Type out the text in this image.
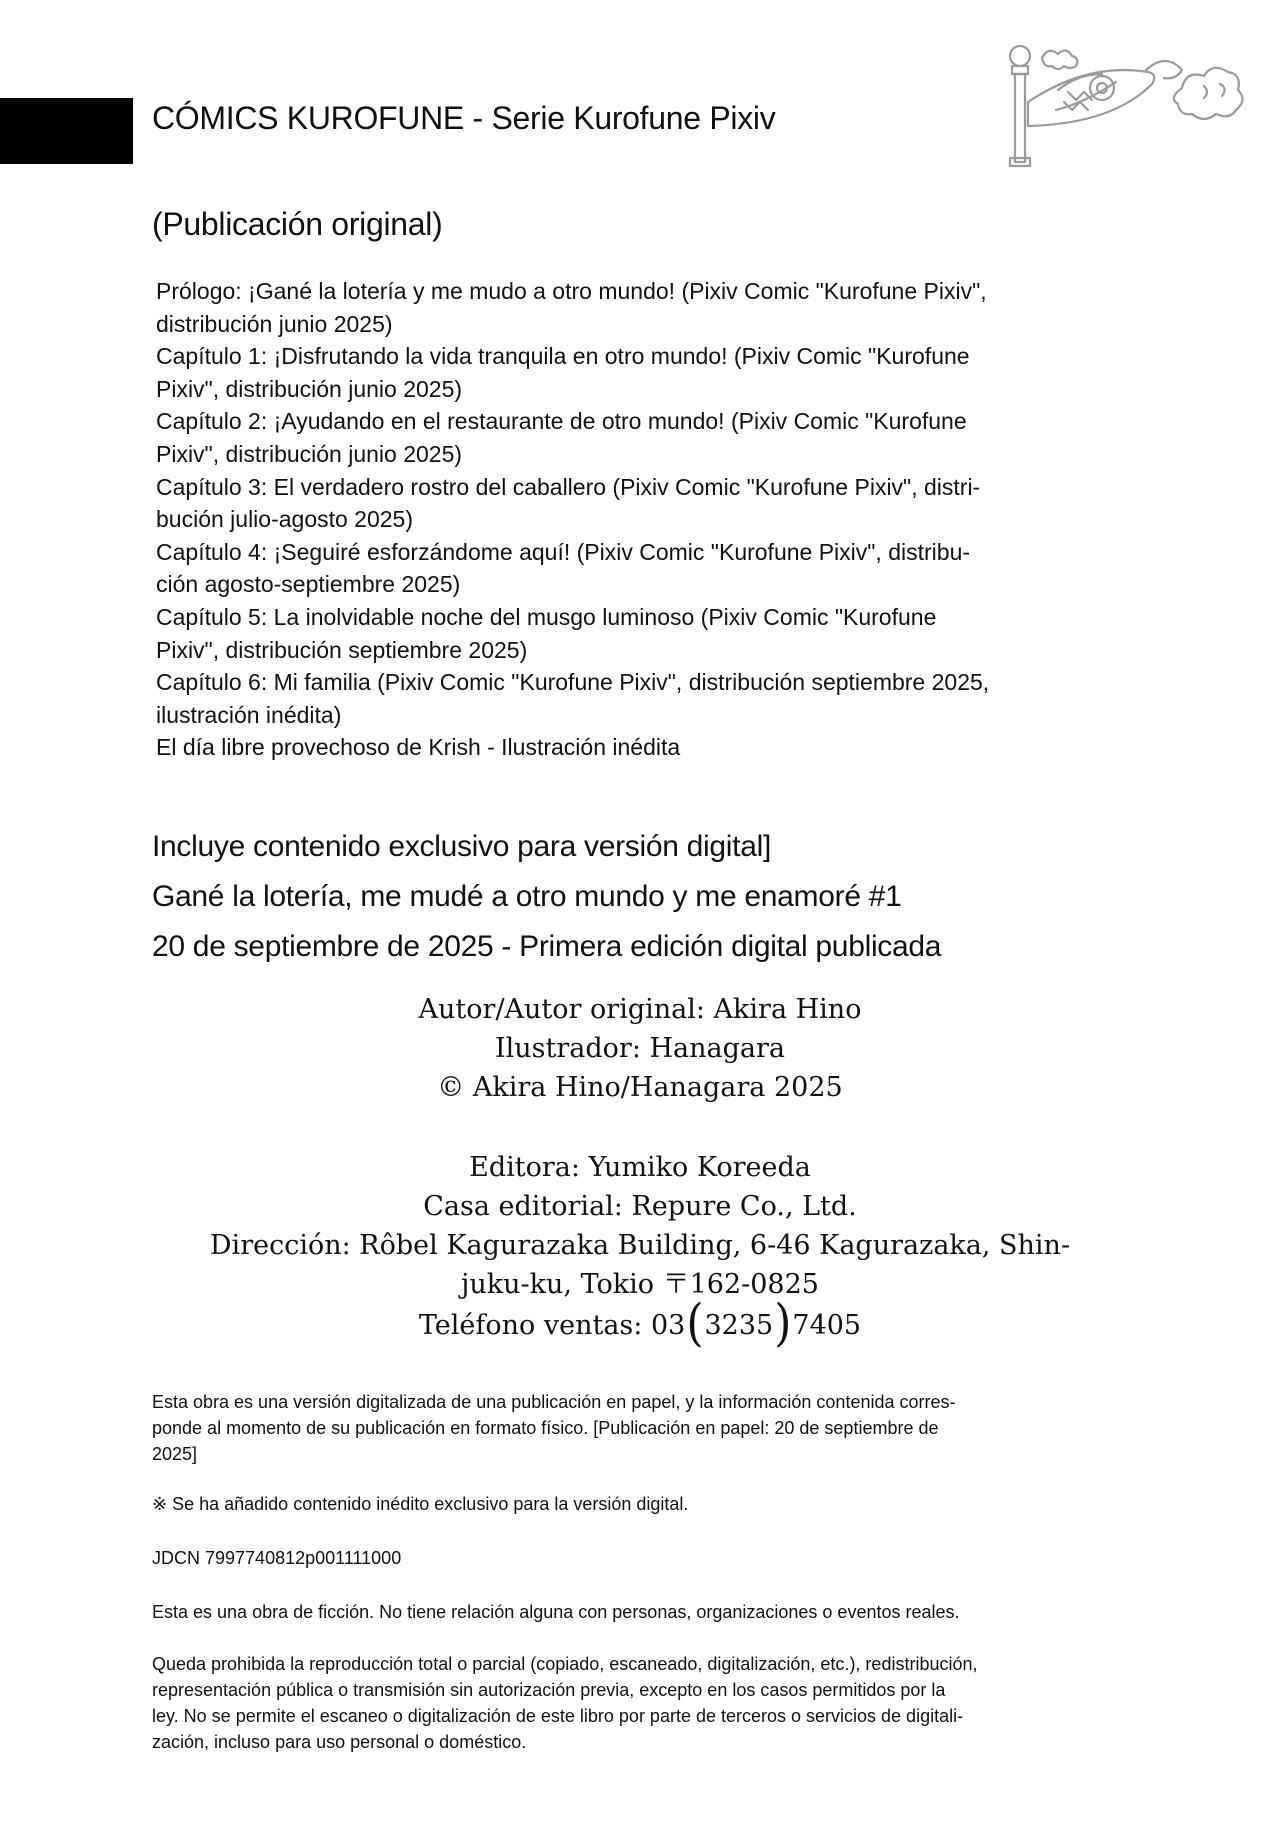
CÓMICS KUROFUNE - Serie Kurofune Pixiv
(Publicación original)
Prólogo: ¡Gané la lotería y me mudo a otro mundo! (Pixiv Comic "Kurofune Pixiv",
distribución junio 2025)
Capítulo 1: ¡Disfrutando la vida tranquila en otro mundo! (Pixiv Comic "Kurofune
Pixiv", distribución junio 2025)
Capítulo 2: ¡Ayudando en el restaurante de otro mundo! (Pixiv Comic "Kurofune
Pixiv", distribución junio 2025)
Capítulo 3: El verdadero rostro del caballero (Pixiv Comic "Kurofune Pixiv", distri-
bución julio-agosto 2025)
Capítulo 4: ¡Seguiré esforzándome aquí! (Pixiv Comic "Kurofune Pixiv", distribu-
ción agosto-septiembre 2025)
Capítulo 5: La inolvidable noche del musgo luminoso (Pixiv Comic "Kurofune
Pixiv", distribución septiembre 2025)
Capítulo 6: Mi familia (Pixiv Comic "Kurofune Pixiv", distribución septiembre 2025,
ilustración inédita)
El día libre provechoso de Krish - Ilustración inédita
Incluye contenido exclusivo para versión digital]
Gané la lotería, me mudé a otro mundo y me enamoré #1
20 de septiembre de 2025 - Primera edición digital publicada
Autor/Autor original: Akira Hino
Ilustrador: Hanagara
© Akira Hino/Hanagara 2025
Editora: Yumiko Koreeda
Casa editorial: Repure Co., Ltd.
Dirección: Rôbel Kagurazaka Building, 6-46 Kagurazaka, Shin-
juku-ku, Tokio 〒162-0825
Teléfono ventas: 03(3235)7405
Esta obra es una versión digitalizada de una publicación en papel, y la información contenida corres-
ponde al momento de su publicación en formato físico. [Publicación en papel: 20 de septiembre de
2025]
※ Se ha añadido contenido inédito exclusivo para la versión digital.
JDCN 7997740812p001111000
Esta es una obra de ficción. No tiene relación alguna con personas, organizaciones o eventos reales.
Queda prohibida la reproducción total o parcial (copiado, escaneado, digitalización, etc.), redistribución,
representación pública o transmisión sin autorización previa, excepto en los casos permitidos por la
ley. No se permite el escaneo o digitalización de este libro por parte de terceros o servicios de digitali-
zación, incluso para uso personal o doméstico.
